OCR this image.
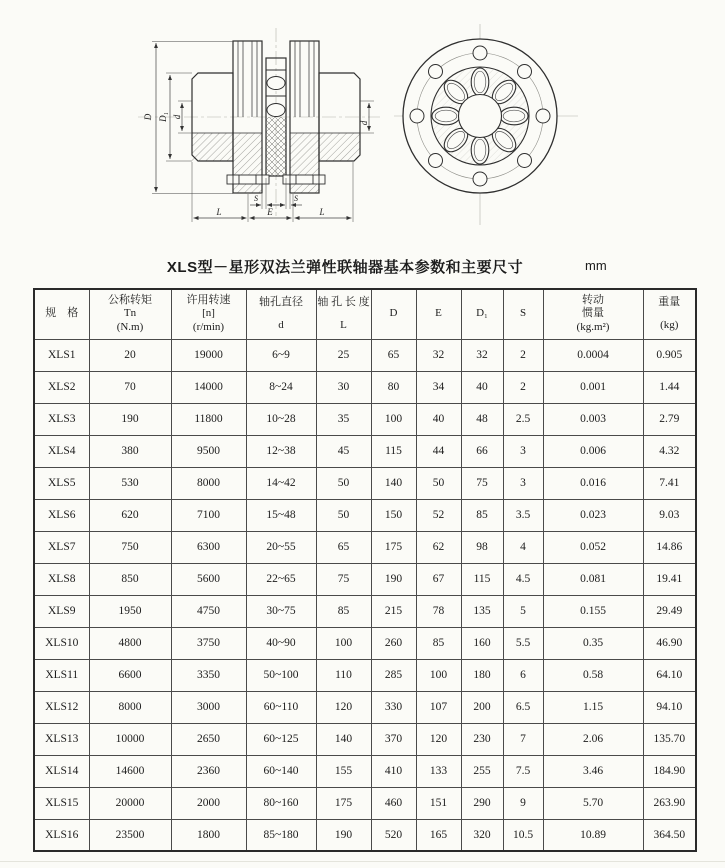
D D₁ d
d
S	S
L	E	L
XLS型－星形双法兰弹性联轴器基本参数和主要尺寸	mm
规　格

公称转矩
Tn
(N.m)

许用转速
[n]
(r/min)

轴孔直径
d

轴 孔 长 度
L

D	E	D₁	S

转动
惯量
(kg.m²)

重量
(kg)

XLS1	20	19000	6~9	25	65	32	32	2	0.0004	0.905
XLS2	70	14000	8~24	30	80	34	40	2	0.001	1.44
XLS3	190	11800	10~28	35	100	40	48	2.5	0.003	2.79
XLS4	380	9500	12~38	45	115	44	66	3	0.006	4.32
XLS5	530	8000	14~42	50	140	50	75	3	0.016	7.41
XLS6	620	7100	15~48	50	150	52	85	3.5	0.023	9.03
XLS7	750	6300	20~55	65	175	62	98	4	0.052	14.86
XLS8	850	5600	22~65	75	190	67	115	4.5	0.081	19.41
XLS9	1950	4750	30~75	85	215	78	135	5	0.155	29.49
XLS10	4800	3750	40~90	100	260	85	160	5.5	0.35	46.90
XLS11	6600	3350	50~100	110	285	100	180	6	0.58	64.10
XLS12	8000	3000	60~110	120	330	107	200	6.5	1.15	94.10
XLS13	10000	2650	60~125	140	370	120	230	7	2.06	135.70
XLS14	14600	2360	60~140	155	410	133	255	7.5	3.46	184.90
XLS15	20000	2000	80~160	175	460	151	290	9	5.70	263.90
XLS16	23500	1800	85~180	190	520	165	320	10.5	10.89	364.50
